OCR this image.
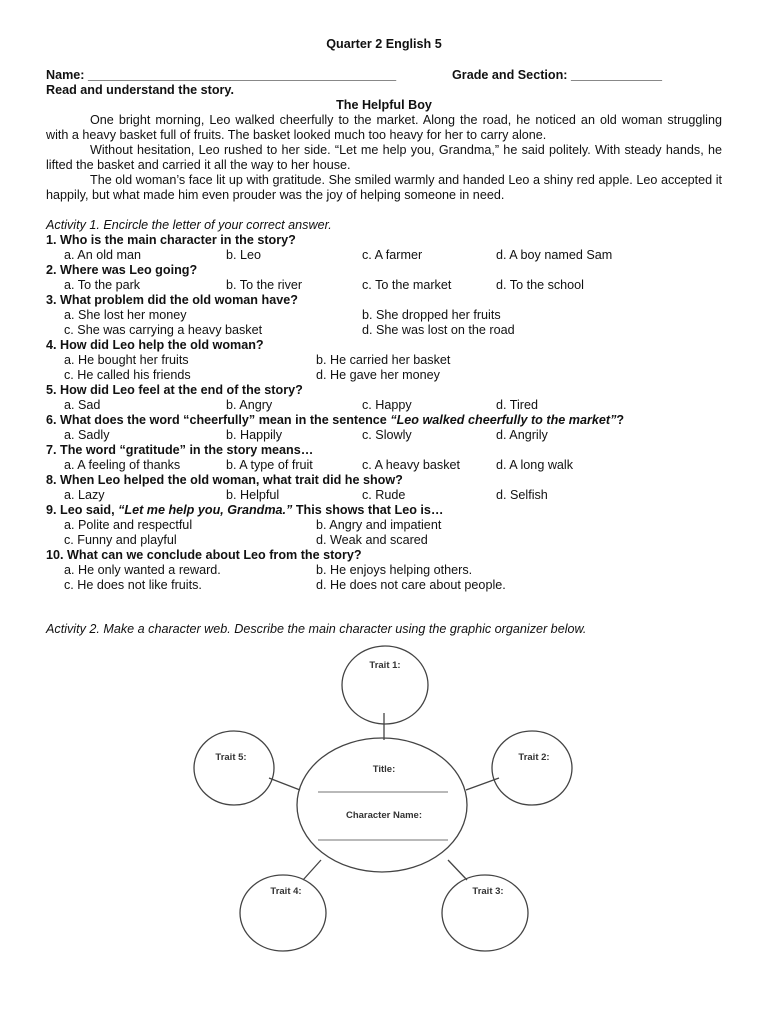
Quarter 2 English 5
Name: ____________________________________________	Grade and Section: _____________
Read and understand the story.
The Helpful Boy

One bright morning, Leo walked cheerfully to the market. Along the road, he noticed an old woman struggling with a heavy basket full of fruits. The basket looked much too heavy for her to carry alone.

Without hesitation, Leo rushed to her side. “Let me help you, Grandma,” he said politely. With steady hands, he lifted the basket and carried it all the way to her house.

The old woman’s face lit up with gratitude. She smiled warmly and handed Leo a shiny red apple. Leo accepted it happily, but what made him even prouder was the joy of helping someone in need.

Activity 1. Encircle the letter of your correct answer.
1. Who is the main character in the story?
a. An old man	b. Leo	c. A farmer	d. A boy named Sam
2. Where was Leo going?
a. To the park	b. To the river	c. To the market	d. To the school
3. What problem did the old woman have?
a. She lost her money	b. She dropped her fruits
c. She was carrying a heavy basket	d. She was lost on the road
4. How did Leo help the old woman?
a. He bought her fruits	b. He carried her basket
c. He called his friends	d. He gave her money
5. How did Leo feel at the end of the story?
a. Sad	b. Angry	c. Happy	d. Tired
6. What does the word “cheerfully” mean in the sentence “Leo walked cheerfully to the market”?
a. Sadly	b. Happily	c. Slowly	d. Angrily
7. The word “gratitude” in the story means…
a. A feeling of thanks	b. A type of fruit	c. A heavy basket	d. A long walk
8. When Leo helped the old woman, what trait did he show?
a. Lazy	b. Helpful	c. Rude	d. Selfish
9. Leo said, “Let me help you, Grandma.” This shows that Leo is…
a. Polite and respectful	b. Angry and impatient
c. Funny and playful	d. Weak and scared
10. What can we conclude about Leo from the story?
a. He only wanted a reward.	b. He enjoys helping others.
c. He does not like fruits.	d. He does not care about people.
Activity 2. Make a character web. Describe the main character using the graphic organizer below.
Title:
Character Name:
Trait 1:
Trait 2:
Trait 3:
Trait 4:
Trait 5:
